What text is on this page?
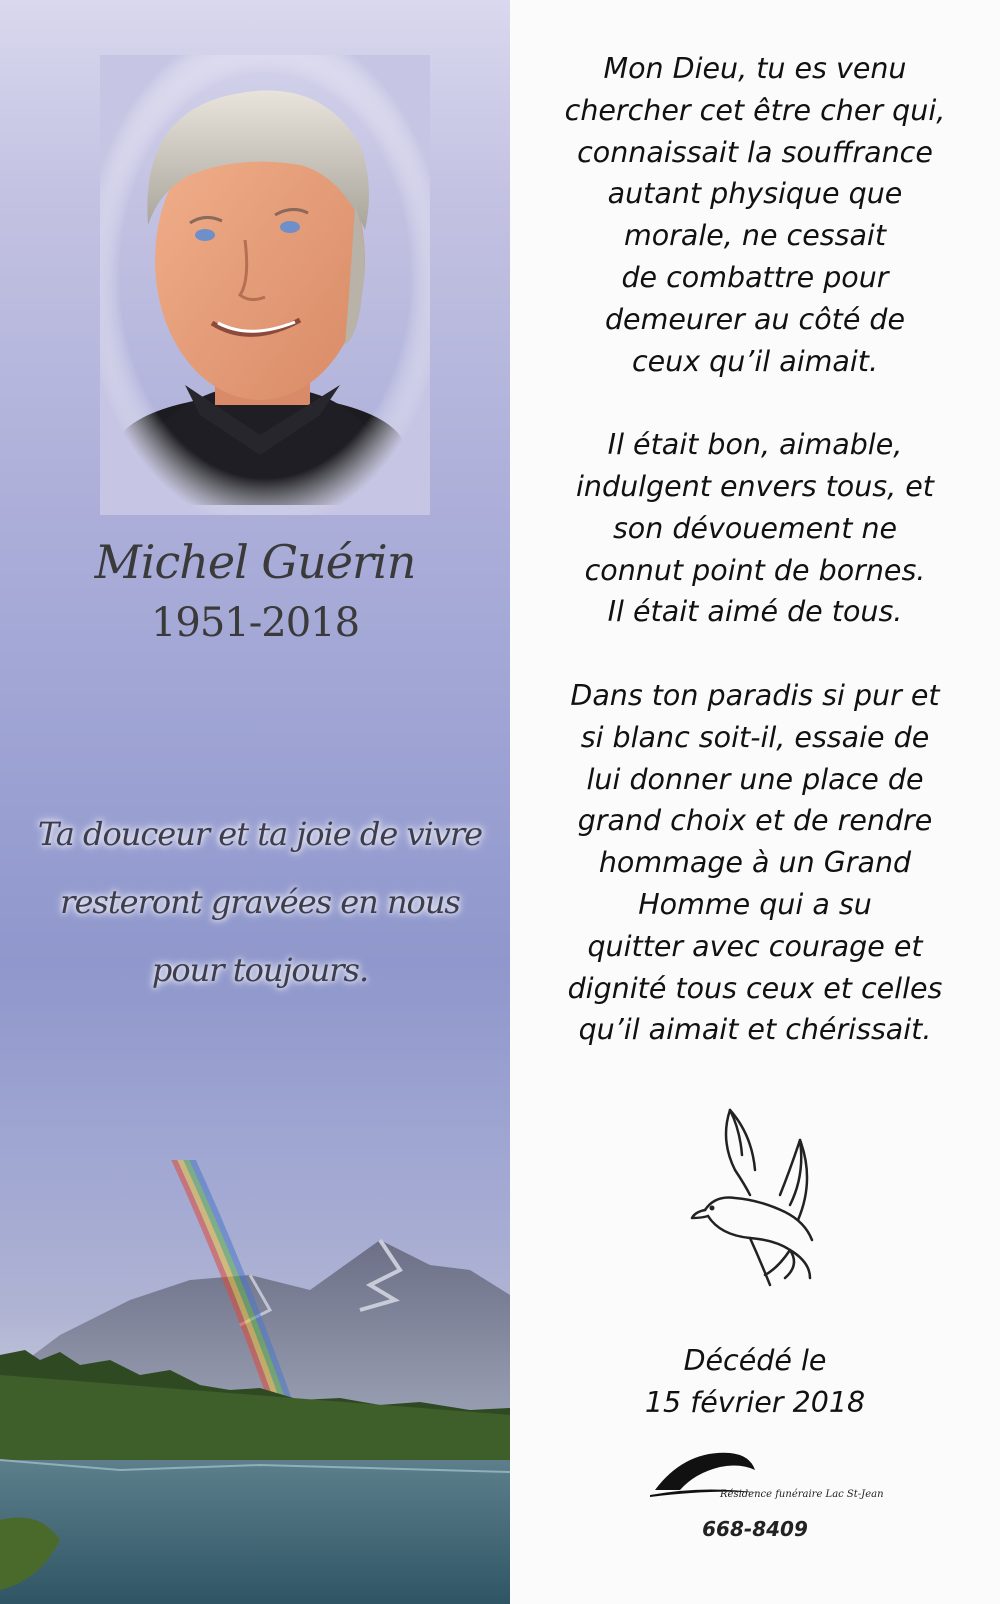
Michel Guérin
1951-2018
Ta douceur et ta joie de vivre
resteront gravées en nous
pour toujours.
Mon Dieu, tu es venu
chercher cet être cher qui,
connaissait la souffrance
autant physique que
morale, ne cessait
de combattre pour
demeurer au côté de
ceux qu’il aimait.
Il était bon, aimable,
indulgent envers tous, et
son dévouement ne
connut point de bornes.
Il était aimé de tous.
Dans ton paradis si pur et
si blanc soit-il, essaie de
lui donner une place de
grand choix et de rendre
hommage à un Grand
Homme qui a su
quitter avec courage et
dignité tous ceux et celles
qu’il aimait et chérissait.
Décédé le
15 février 2018
Résidence funéraire Lac St-Jean
668-8409
